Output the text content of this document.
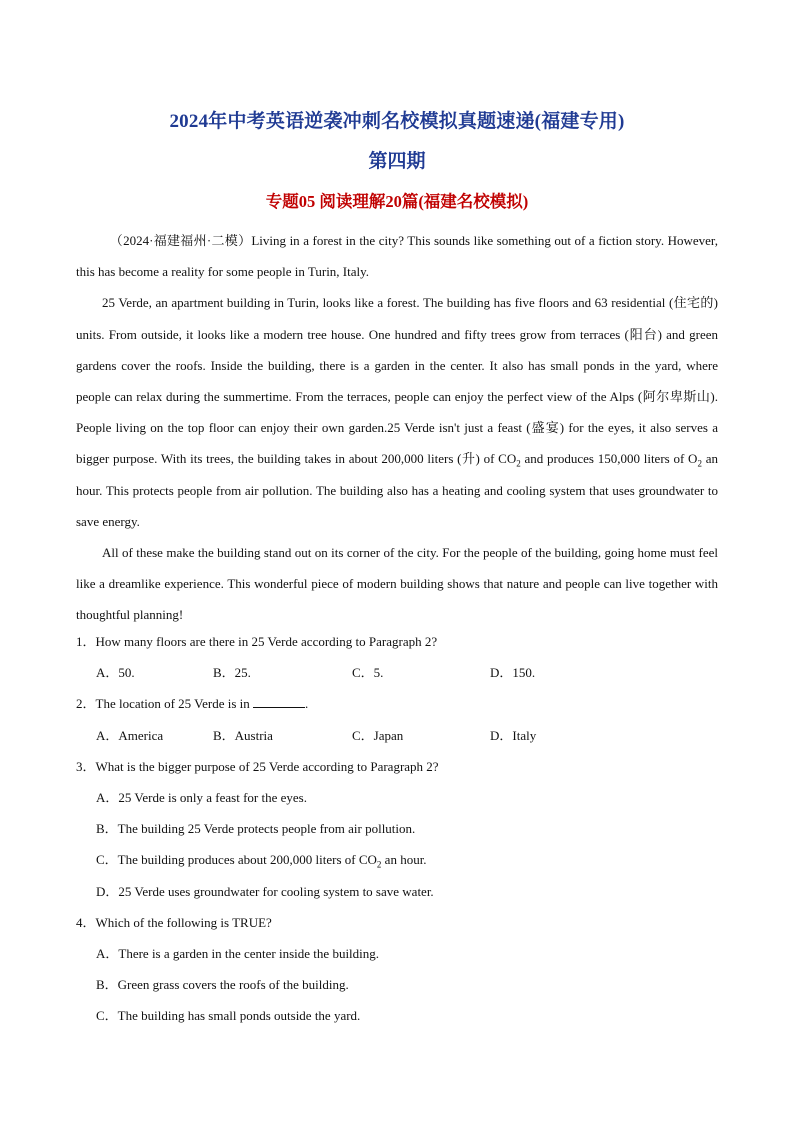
2024年中考英语逆袭冲刺名校模拟真题速递(福建专用)
第四期
专题05 阅读理解20篇(福建名校模拟)

（2024·福建福州·二模）Living in a forest in the city? This sounds like something out of a fiction story. However, this has become a reality for some people in Turin, Italy.

25 Verde, an apartment building in Turin, looks like a forest. The building has five floors and 63 residential (住宅的) units. From outside, it looks like a modern tree house. One hundred and fifty trees grow from terraces (阳台) and green gardens cover the roofs. Inside the building, there is a garden in the center. It also has small ponds in the yard, where people can relax during the summertime. From the terraces, people can enjoy the perfect view of the Alps (阿尔卑斯山). People living on the top floor can enjoy their own garden.25 Verde isn't just a feast (盛宴) for the eyes, it also serves a bigger purpose. With its trees, the building takes in about 200,000 liters (升) of $CO_2$ and produces 150,000 liters of $O_2$ an hour. This protects people from air pollution. The building also has a heating and cooling system that uses groundwater to save energy.

All of these make the building stand out on its corner of the city. For the people of the building, going home must feel like a dreamlike experience. This wonderful piece of modern building shows that nature and people can live together with thoughtful planning!

1．How many floors are there in 25 Verde according to Paragraph 2?
A．50.	B．25.	C．5.	D．150.
2．The location of 25 Verde is in	.
A．America	B．Austria	C．Japan	D．Italy
3．What is the bigger purpose of 25 Verde according to Paragraph 2?
A．25 Verde is only a feast for the eyes.
B．The building 25 Verde protects people from air pollution.
C．The building produces about 200,000 liters of $CO_2$ an hour.
D．25 Verde uses groundwater for cooling system to save water.
4．Which of the following is TRUE?
A．There is a garden in the center inside the building.
B．Green grass covers the roofs of the building.
C．The building has small ponds outside the yard.
